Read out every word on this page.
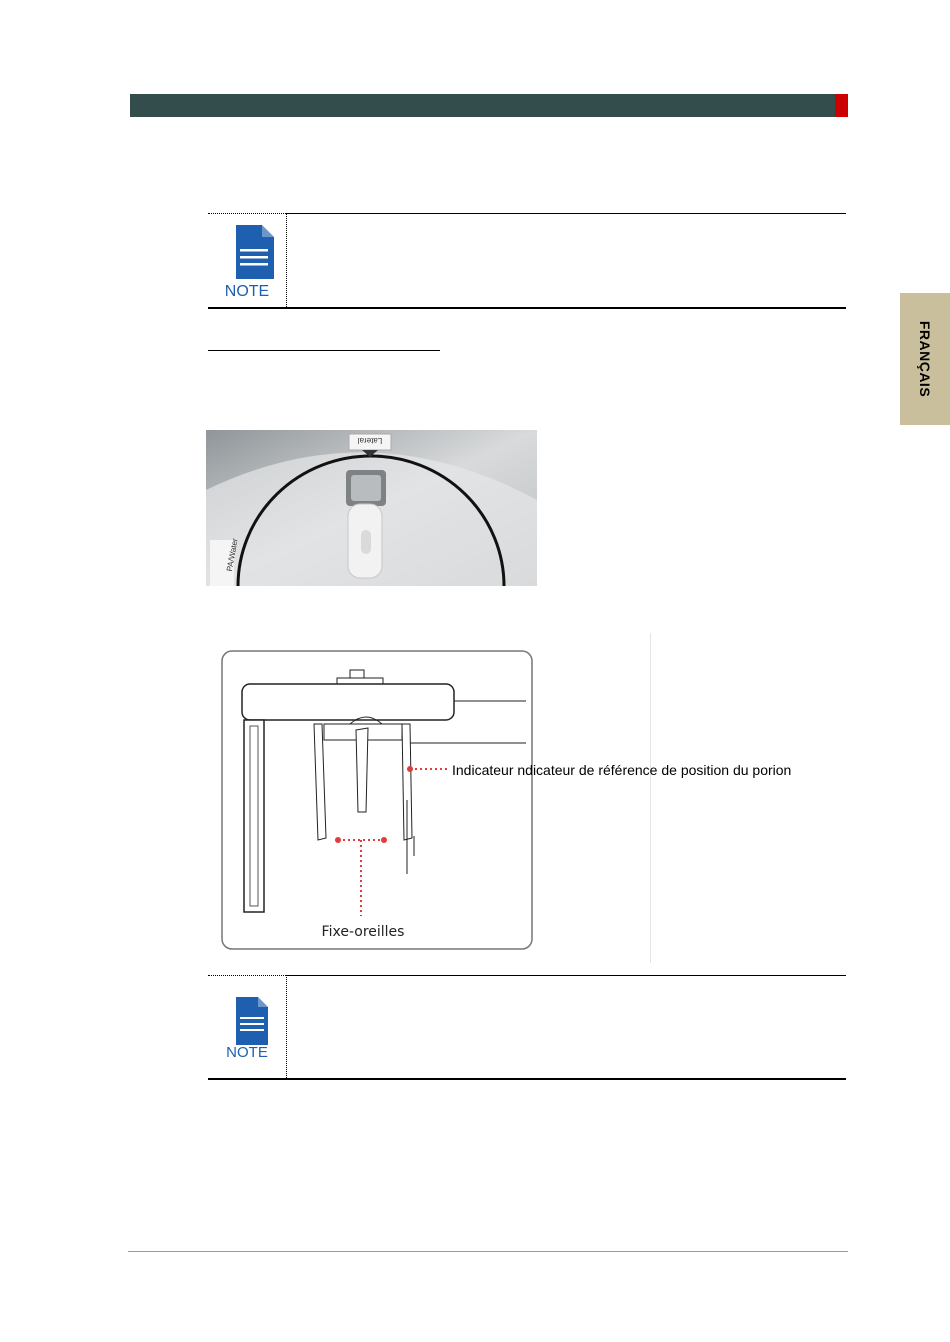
NOTE
FRANÇAIS
Lateral
PA/Water
Indicateur ndicateur de référence de position du porion
Fixe-oreilles
NOTE
